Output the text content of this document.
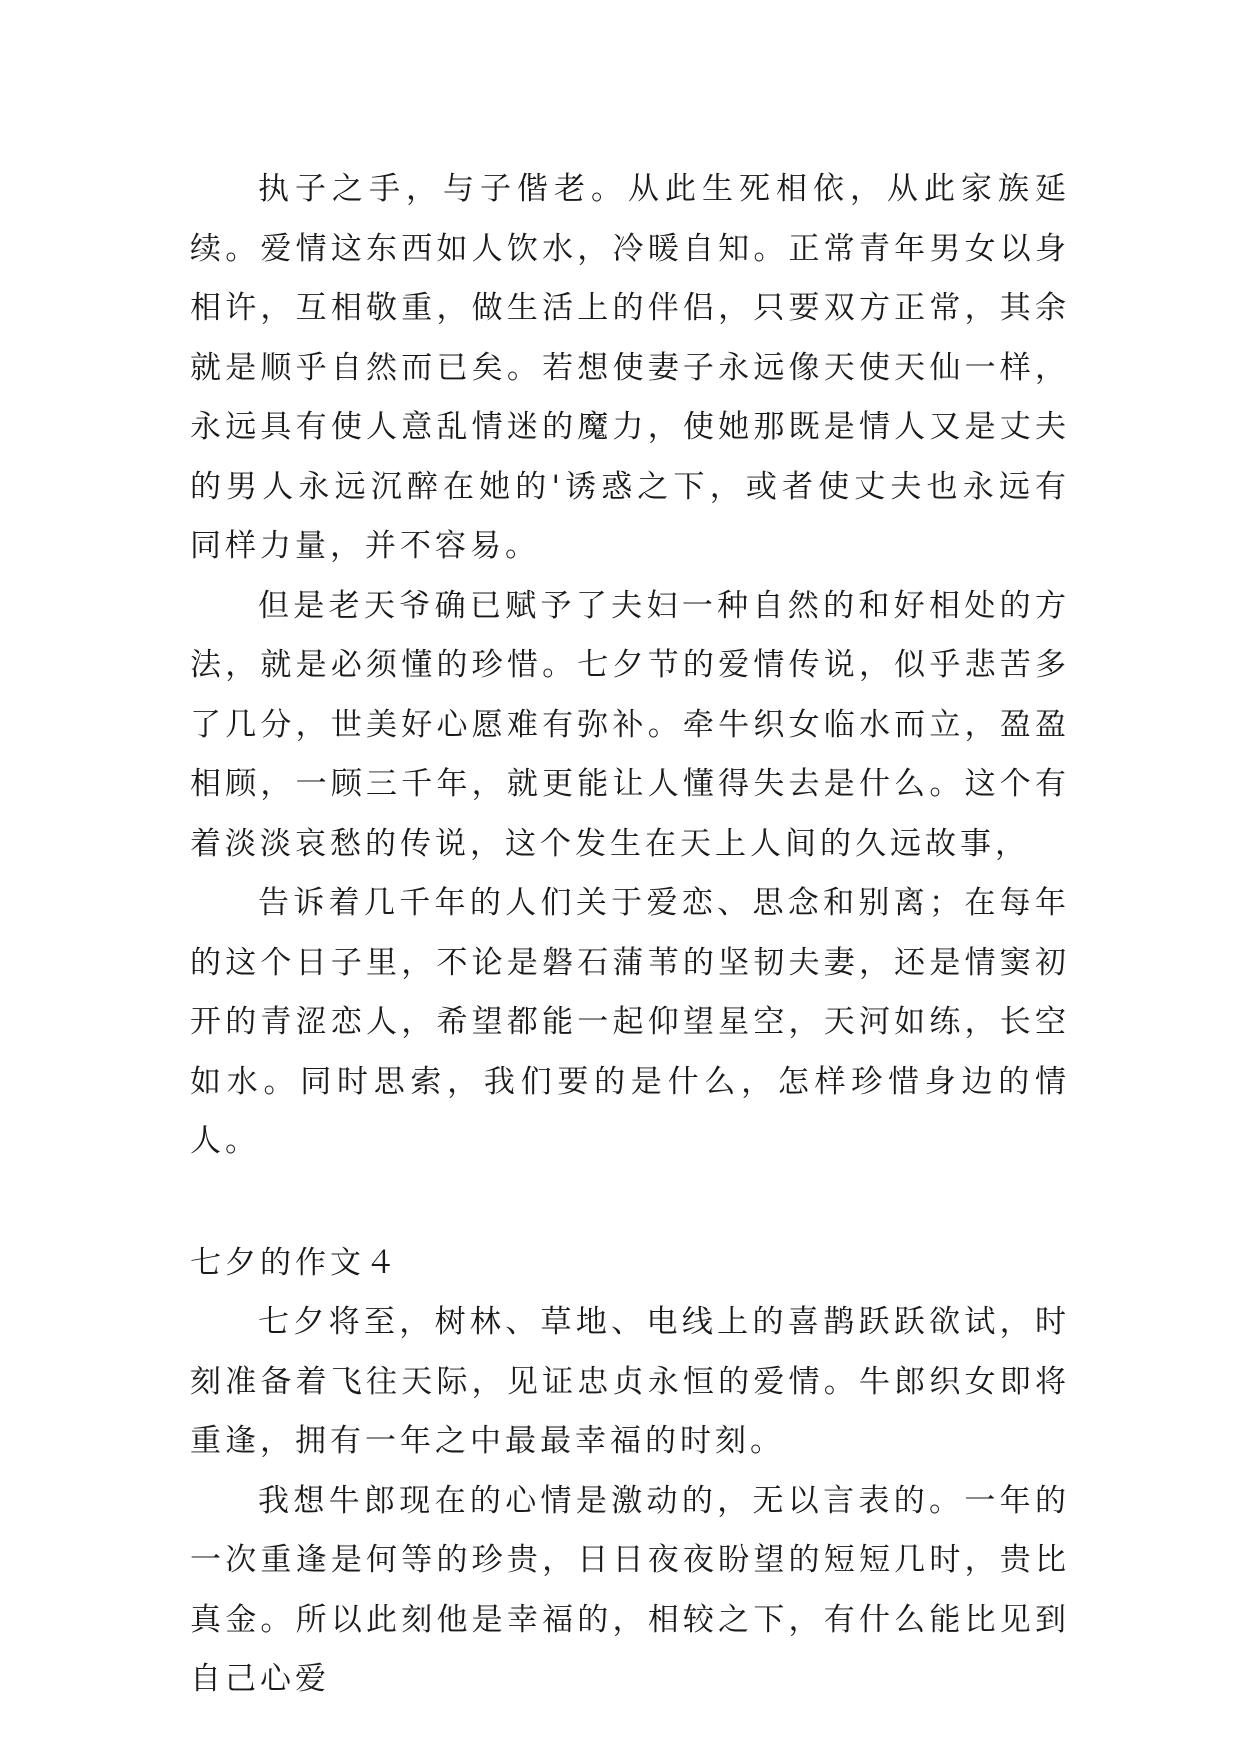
执子之手，与子偕老。从此生死相依，从此家族延续。爱情这东西如人饮水，冷暖自知。正常青年男女以身相许，互相敬重，做生活上的伴侣，只要双方正常，其余就是顺乎自然而已矣。若想使妻子永远像天使天仙一样，永远具有使人意乱情迷的魔力，使她那既是情人又是丈夫的男人永远沉醉在她的'诱惑之下，或者使丈夫也永远有同样力量，并不容易。

但是老天爷确已赋予了夫妇一种自然的和好相处的方法，就是必须懂的珍惜。七夕节的爱情传说，似乎悲苦多了几分，世美好心愿难有弥补。牵牛织女临水而立，盈盈相顾，一顾三千年，就更能让人懂得失去是什么。这个有着淡淡哀愁的传说，这个发生在天上人间的久远故事，

告诉着几千年的人们关于爱恋、思念和别离；在每年的这个日子里，不论是磐石蒲苇的坚韧夫妻，还是情窦初开的青涩恋人，希望都能一起仰望星空，天河如练，长空如水。同时思索，我们要的是什么，怎样珍惜身边的情人。

七夕的作文４

七夕将至，树林、草地、电线上的喜鹊跃跃欲试，时刻准备着飞往天际，见证忠贞永恒的爱情。牛郎织女即将重逢，拥有一年之中最最幸福的时刻。

我想牛郎现在的心情是激动的，无以言表的。一年的一次重逢是何等的珍贵，日日夜夜盼望的短短几时，贵比真金。所以此刻他是幸福的，相较之下，有什么能比见到自己心爱
